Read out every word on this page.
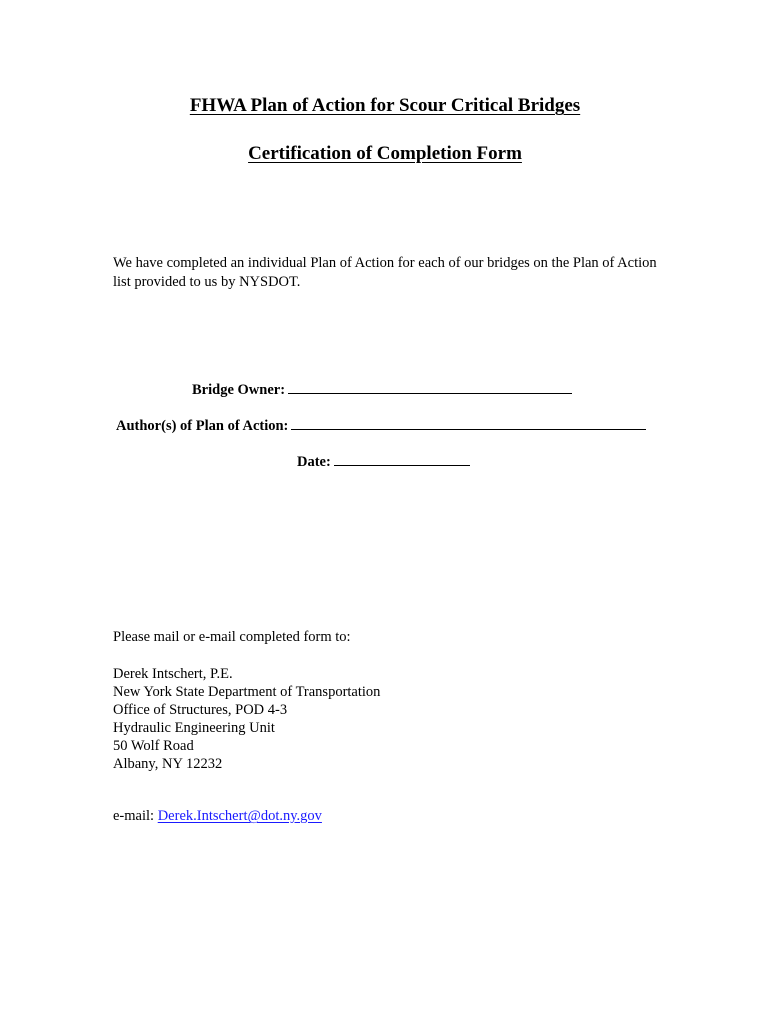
FHWA Plan of Action for Scour Critical Bridges
Certification of Completion Form
We have completed an individual Plan of Action for each of our bridges on the Plan of Action list provided to us by NYSDOT.
Bridge Owner:
Author(s) of Plan of Action:
Date:
Please mail or e-mail completed form to:
Derek Intschert, P.E.
New York State Department of Transportation
Office of Structures, POD 4-3
Hydraulic Engineering Unit
50 Wolf Road
Albany, NY 12232
e-mail: Derek.Intschert@dot.ny.gov
